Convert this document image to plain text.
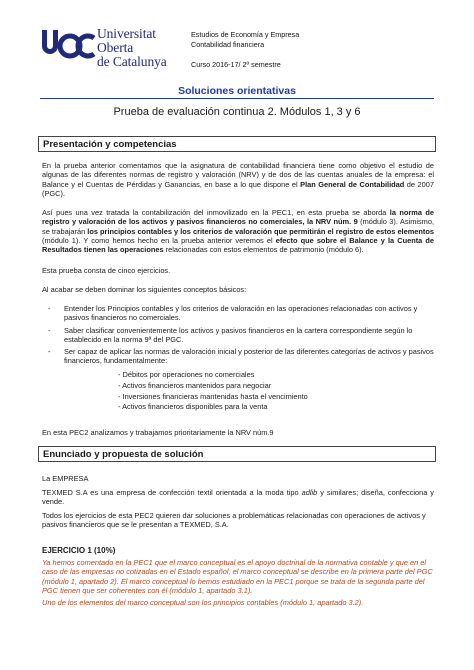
Universitat Oberta
de Catalunya
Estudios de Economía y Empresa
Contabilidad financiera
Curso 2016-17/ 2º semestre
Soluciones orientativas
Prueba de evaluación continua 2. Módulos 1, 3 y 6
Presentación y competencias

En la prueba anterior comentamos que la asignatura de contabilidad financiera tiene como objetivo el estudio de algunas de las diferentes normas de registro y valoración (NRV) y de dos de las cuentas anuales de la empresa: el Balance y el Cuentas de Pérdidas y Ganancias, en base a lo que dispone el Plan General de Contabilidad de 2007 (PGC).

Así pues una vez tratada la contabilización del inmovilizado en la PEC1, en esta prueba se aborda la norma de registro y valoración de los activos y pasivos financieros no comerciales, la NRV núm. 9 (módulo 3). Asimismo, se trabajarán los principios contables y los criterios de valoración que permitirán el registro de estos elementos (módulo 1). Y como hemos hecho en la prueba anterior veremos el efecto que sobre el Balance y la Cuenta de Resultados tienen las operaciones relacionadas con estos elementos de patrimonio (módulo 6).

Esta prueba consta de cinco ejercicios.
Al acabar se deben dominar los siguientes conceptos básicos:
- Entender los Principios contables y los criterios de valoración en las operaciones relacionadas con activos y pasivos financieros no comerciales.
- Saber clasificar convenientemente los activos y pasivos financieros en la cartera correspondiente según lo establecido en la norma 9ª del PGC.
- Ser capaz de aplicar las normas de valoración inicial y posterior de las diferentes categorías de activos y pasivos financieros, fundamentalmente:
- Débitos por operaciones no comerciales
- Activos financieros mantenidos para negociar
- Inversiones financieras mantenidas hasta el vencimiento
- Activos financieros disponibles para la venta
En esta PEC2 analizamos y trabajamos prioritariamente la NRV núm.9
Enunciado y propuesta de solución
La EMPRESA

TEXMED S.A es una empresa de confección textil orientada a la moda tipo adlib y similares; diseña, confecciona y vende.

Todos los ejercicios de esta PEC2 quieren dar soluciones a problemáticas relacionadas con operaciones de activos y pasivos financieros que se le presentan a TEXMED, S.A.
EJERCICIO 1 (10%)
Ya hemos comentado en la PEC1 que el marco conceptual es el apoyo doctrinal de la normativa contable y que en el caso de las empresas no cotizadas en el Estado español, el marco conceptual se describe en la primera parte del PGC (módulo 1, apartado 2). El marco conceptual lo hemos estudiado en la PEC1 porque se trata de la segunda parte del PGC tienen que ser coherentes con él (módulo 1, apartado 3.1).
Uno de los elementos del marco conceptual son los principios contables (módulo 1, apartado 3.2).
